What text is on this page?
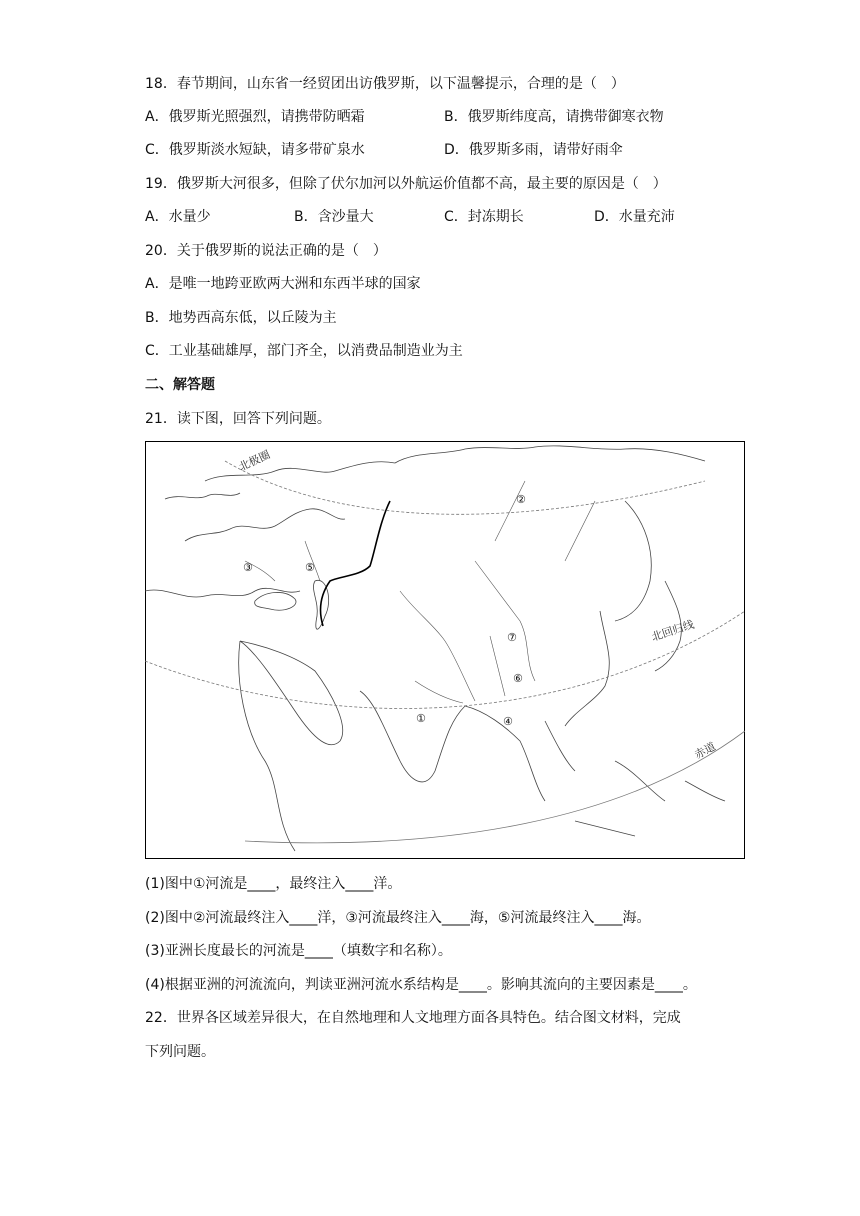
18．春节期间，山东省一经贸团出访俄罗斯，以下温馨提示，合理的是（　）
A．俄罗斯光照强烈，请携带防晒霜	B．俄罗斯纬度高，请携带御寒衣物
C．俄罗斯淡水短缺，请多带矿泉水	D．俄罗斯多雨，请带好雨伞
19．俄罗斯大河很多，但除了伏尔加河以外航运价值都不高，最主要的原因是（　）
A．水量少	B．含沙量大	C．封冻期长	D．水量充沛
20．关于俄罗斯的说法正确的是（　）
A．是唯一地跨亚欧两大洲和东西半球的国家
B．地势西高东低，以丘陵为主
C．工业基础雄厚，部门齐全，以消费品制造业为主
二、解答题
21．读下图，回答下列问题。
北极圈
北回归线
赤道
①
②
③
④
⑤
⑥
⑦
(1)图中①河流是____，最终注入____洋。
(2)图中②河流最终注入____洋，③河流最终注入____海，⑤河流最终注入____海。
(3)亚洲长度最长的河流是____（填数字和名称）。
(4)根据亚洲的河流流向，判读亚洲河流水系结构是____。影响其流向的主要因素是____。
22．世界各区域差异很大，在自然地理和人文地理方面各具特色。结合图文材料，完成
下列问题。
